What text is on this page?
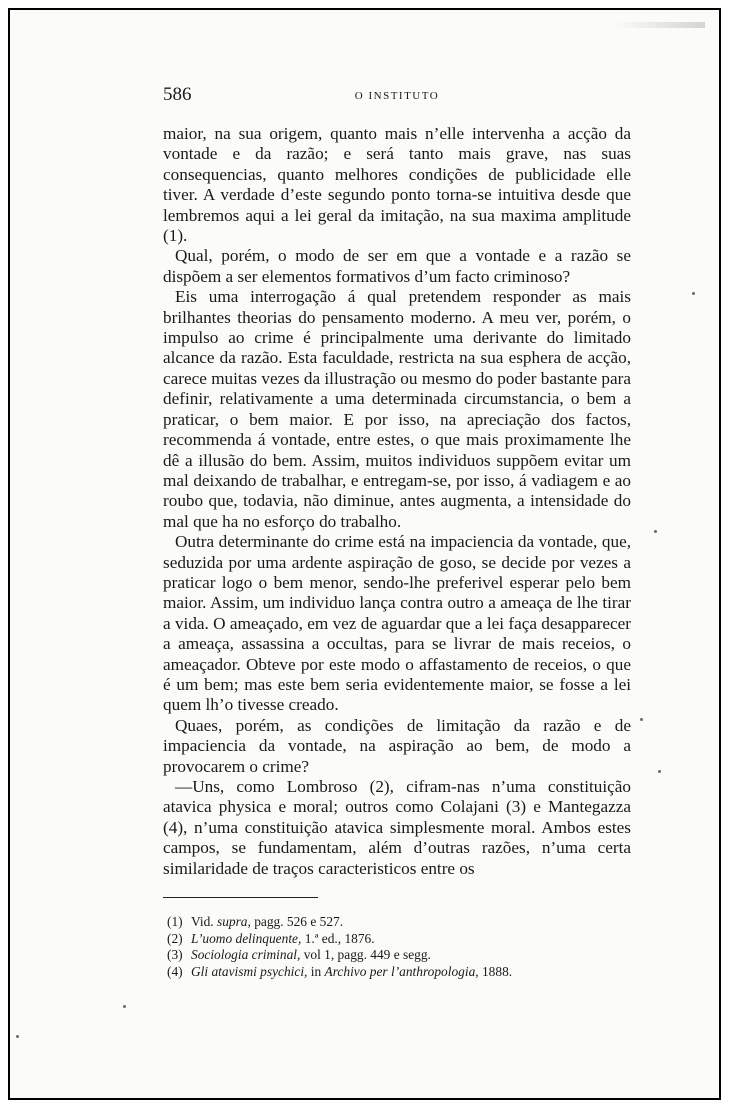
586	O INSTITUTO

maior, na sua origem, quanto mais n’elle intervenha a acção da vontade e da razão; e será tanto mais grave, nas suas consequencias, quanto melhores condições de publicidade elle tiver. A verdade d’este segundo ponto torna-se intuitiva desde que lembremos aqui a lei geral da imitação, na sua maxima amplitude (1).

Qual, porém, o modo de ser em que a vontade e a razão se dispõem a ser elementos formativos d’um facto criminoso?

Eis uma interrogação á qual pretendem responder as mais brilhantes theorias do pensamento moderno. A meu ver, porém, o impulso ao crime é principalmente uma derivante do limitado alcance da razão. Esta faculdade, restricta na sua esphera de acção, carece muitas vezes da illustração ou mesmo do poder bastante para definir, relativamente a uma determinada circumstancia, o bem a praticar, o bem maior. E por isso, na apreciação dos factos, recommenda á vontade, entre estes, o que mais proximamente lhe dê a illusão do bem. Assim, muitos individuos suppõem evitar um mal deixando de trabalhar, e entregam-se, por isso, á vadiagem e ao roubo que, todavia, não diminue, antes augmenta, a intensidade do mal que ha no esforço do trabalho.

Outra determinante do crime está na impaciencia da vontade, que, seduzida por uma ardente aspiração de goso, se decide por vezes a praticar logo o bem menor, sendo-lhe preferivel esperar pelo bem maior. Assim, um individuo lança contra outro a ameaça de lhe tirar a vida. O ameaçado, em vez de aguardar que a lei faça desapparecer a ameaça, assassina a occultas, para se livrar de mais receios, o ameaçador. Obteve por este modo o affastamento de receios, o que é um bem; mas este bem seria evidentemente maior, se fosse a lei quem lh’o tivesse creado.

Quaes, porém, as condições de limitação da razão e de impaciencia da vontade, na aspiração ao bem, de modo a provocarem o crime?

—Uns, como Lombroso (2), cifram-nas n’uma constituição atavica physica e moral; outros como Colajani (3) e Mantegazza (4), n’uma constituição atavica simplesmente moral. Ambos estes campos, se fundamentam, além d’outras razões, n’uma certa similaridade de traços caracteristicos entre os

(1) Vid. supra, pagg. 526 e 527.
(2) L’uomo delinquente, 1.ª ed., 1876.
(3) Sociologia criminal, vol 1, pagg. 449 e segg.
(4) Gli atavismi psychici, in Archivo per l’anthropologia, 1888.
